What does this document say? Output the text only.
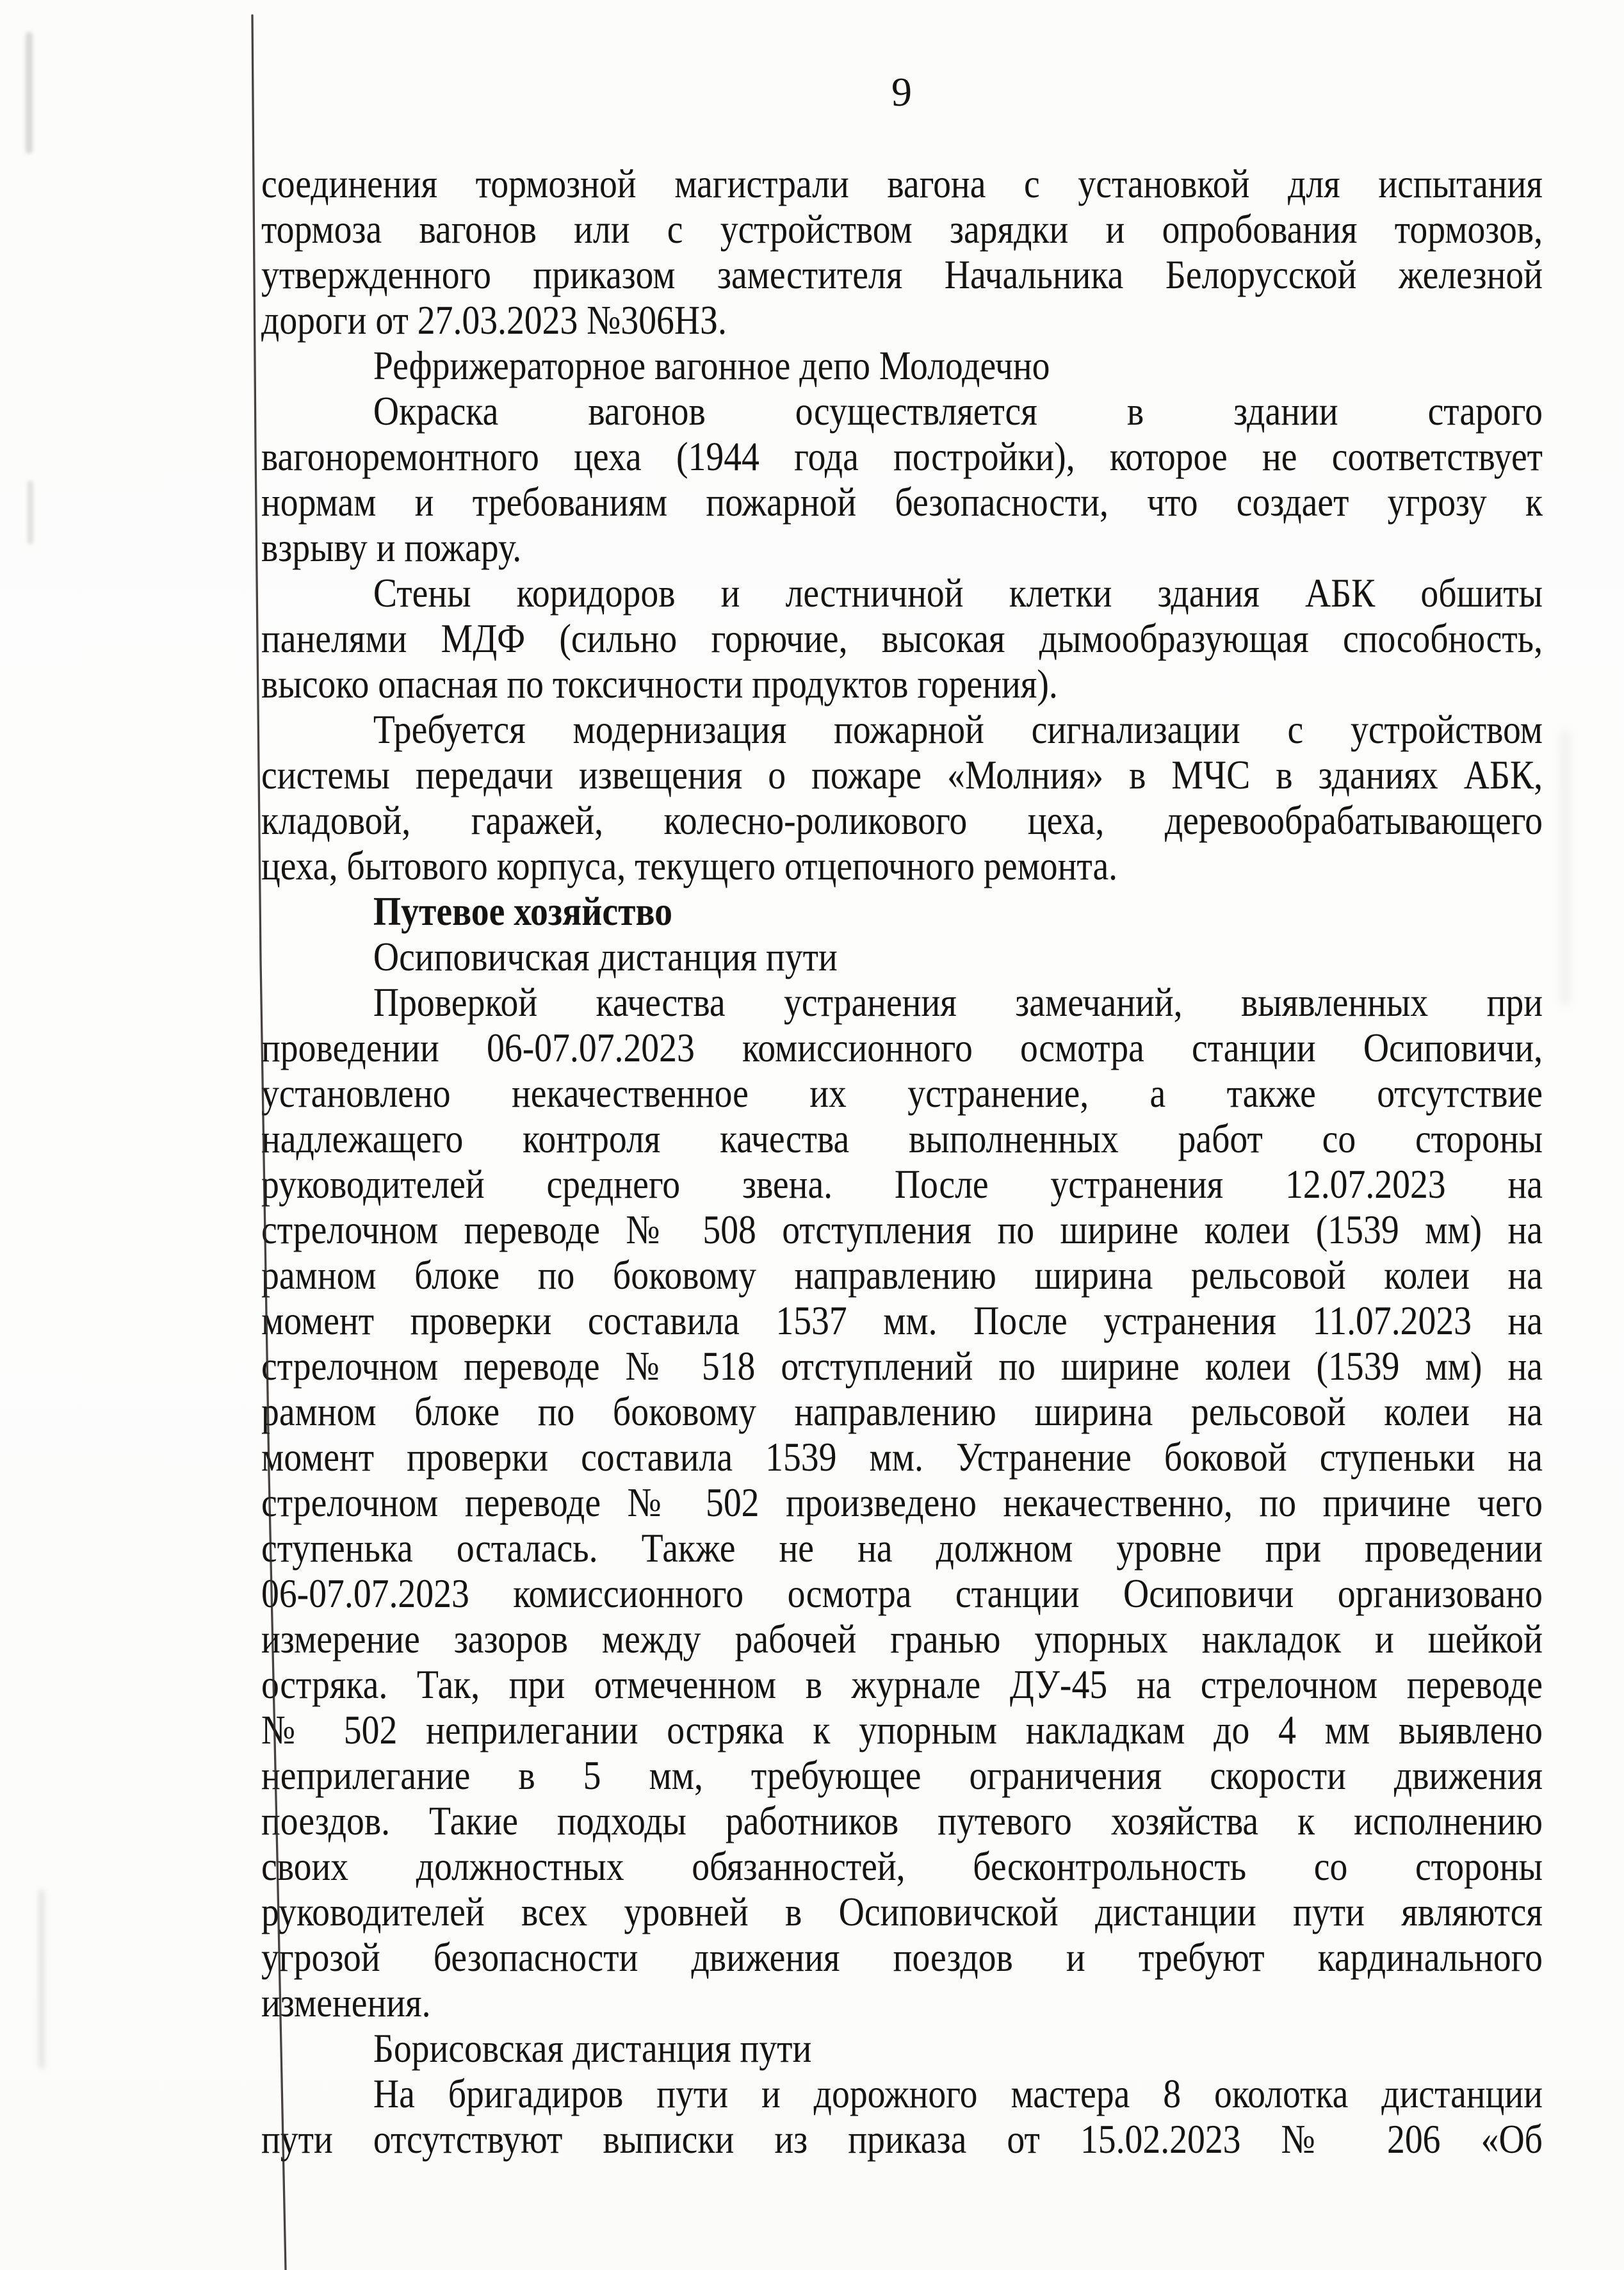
9
соединения тормозной магистрали вагона с установкой для испытания
тормоза вагонов или с устройством зарядки и опробования тормозов,
утвержденного приказом заместителя Начальника Белорусской железной
дороги от 27.03.2023 №306НЗ.
Рефрижераторное вагонное депо Молодечно
Окраска вагонов осуществляется в здании старого
вагоноремонтного цеха (1944 года постройки), которое не соответствует
нормам и требованиям пожарной безопасности, что создает угрозу к
взрыву и пожару.
Стены коридоров и лестничной клетки здания АБК обшиты
панелями МДФ (сильно горючие, высокая дымообразующая способность,
высоко опасная по токсичности продуктов горения).
Требуется модернизация пожарной сигнализации с устройством
системы передачи извещения о пожаре «Молния» в МЧС в зданиях АБК,
кладовой, гаражей, колесно-роликового цеха, деревообрабатывающего
цеха, бытового корпуса, текущего отцепочного ремонта.
Путевое хозяйство
Осиповичская дистанция пути
Проверкой качества устранения замечаний, выявленных при
проведении 06-07.07.2023 комиссионного осмотра станции Осиповичи,
установлено некачественное их устранение, а также отсутствие
надлежащего контроля качества выполненных работ со стороны
руководителей среднего звена. После устранения 12.07.2023 на
стрелочном переводе № 508 отступления по ширине колеи (1539 мм) на
рамном блоке по боковому направлению ширина рельсовой колеи на
момент проверки составила 1537 мм. После устранения 11.07.2023 на
стрелочном переводе № 518 отступлений по ширине колеи (1539 мм) на
рамном блоке по боковому направлению ширина рельсовой колеи на
момент проверки составила 1539 мм. Устранение боковой ступеньки на
стрелочном переводе № 502 произведено некачественно, по причине чего
ступенька осталась. Также не на должном уровне при проведении
06-07.07.2023 комиссионного осмотра станции Осиповичи организовано
измерение зазоров между рабочей гранью упорных накладок и шейкой
остряка. Так, при отмеченном в журнале ДУ-45 на стрелочном переводе
№ 502 неприлегании остряка к упорным накладкам до 4 мм выявлено
неприлегание в 5 мм, требующее ограничения скорости движения
поездов. Такие подходы работников путевого хозяйства к исполнению
своих должностных обязанностей, бесконтрольность со стороны
руководителей всех уровней в Осиповичской дистанции пути являются
угрозой безопасности движения поездов и требуют кардинального
изменения.
Борисовская дистанция пути
На бригадиров пути и дорожного мастера 8 околотка дистанции
пути отсутствуют выписки из приказа от 15.02.2023 № 206 «Об
